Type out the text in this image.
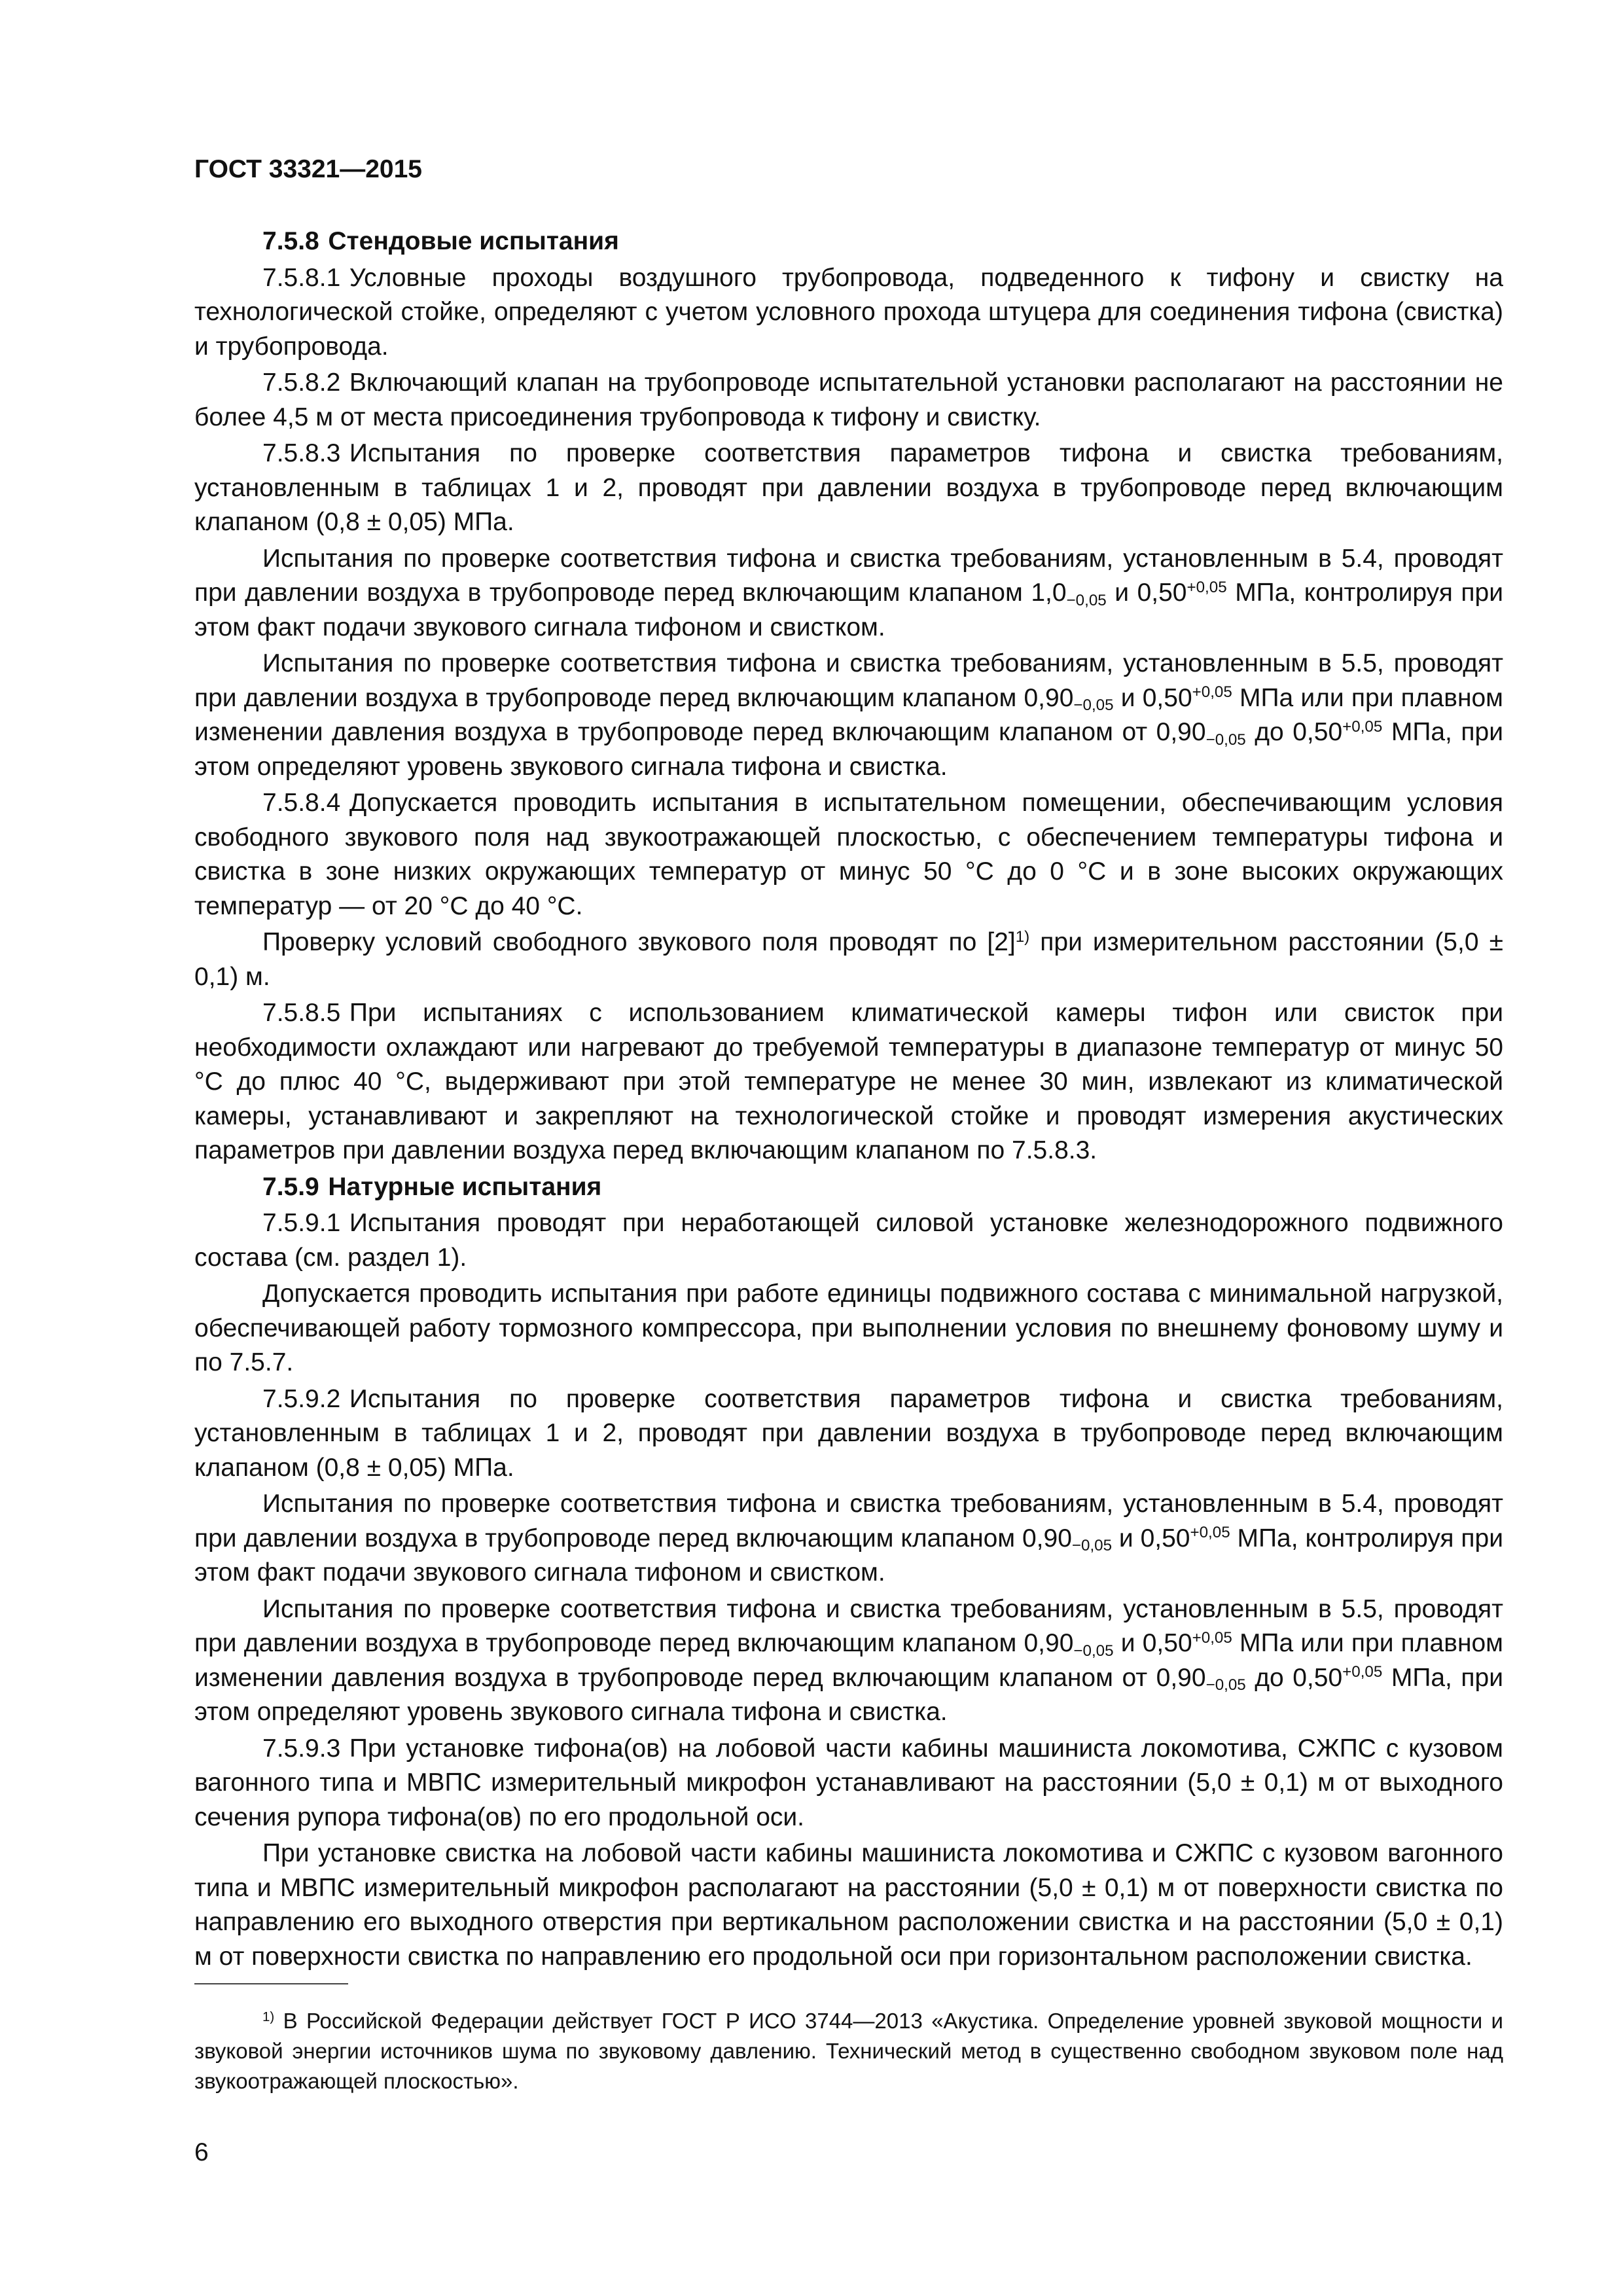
ГОСТ 33321—2015

7.5.8 Стендовые испытания

7.5.8.1 Условные проходы воздушного трубопровода, подведенного к тифону и свистку на технологической стойке, определяют с учетом условного прохода штуцера для соединения тифона (свистка) и трубопровода.

7.5.8.2 Включающий клапан на трубопроводе испытательной установки располагают на расстоянии не более 4,5 м от места присоединения трубопровода к тифону и свистку.

7.5.8.3 Испытания по проверке соответствия параметров тифона и свистка требованиям, установленным в таблицах 1 и 2, проводят при давлении воздуха в трубопроводе перед включающим клапаном (0,8 ± 0,05) МПа.

Испытания по проверке соответствия тифона и свистка требованиям, установленным в 5.4, проводят при давлении воздуха в трубопроводе перед включающим клапаном $1,0_{-0,05}$ и $0,50^{+0,05}$ МПа, контролируя при этом факт подачи звукового сигнала тифоном и свистком.

Испытания по проверке соответствия тифона и свистка требованиям, установленным в 5.5, проводят при давлении воздуха в трубопроводе перед включающим клапаном $0,90_{-0,05}$ и $0,50^{+0,05}$ МПа или при плавном изменении давления воздуха в трубопроводе перед включающим клапаном от $0,90_{-0,05}$ до $0,50^{+0,05}$ МПа, при этом определяют уровень звукового сигнала тифона и свистка.

7.5.8.4 Допускается проводить испытания в испытательном помещении, обеспечивающим условия свободного звукового поля над звукоотражающей плоскостью, с обеспечением температуры тифона и свистка в зоне низких окружающих температур от минус 50 °С до 0 °С и в зоне высоких окружающих температур — от 20 °С до 40 °С.

Проверку условий свободного звукового поля проводят по $[2]^{1)}$ при измерительном расстоянии (5,0 ± 0,1) м.

7.5.8.5 При испытаниях с использованием климатической камеры тифон или свисток при необходимости охлаждают или нагревают до требуемой температуры в диапазоне температур от минус 50 °С до плюс 40 °С, выдерживают при этой температуре не менее 30 мин, извлекают из климатической камеры, устанавливают и закрепляют на технологической стойке и проводят измерения акустических параметров при давлении воздуха перед включающим клапаном по 7.5.8.3.

7.5.9 Натурные испытания

7.5.9.1 Испытания проводят при неработающей силовой установке железнодорожного подвижного состава (см. раздел 1).

Допускается проводить испытания при работе единицы подвижного состава с минимальной нагрузкой, обеспечивающей работу тормозного компрессора, при выполнении условия по внешнему фоновому шуму и по 7.5.7.

7.5.9.2 Испытания по проверке соответствия параметров тифона и свистка требованиям, установленным в таблицах 1 и 2, проводят при давлении воздуха в трубопроводе перед включающим клапаном (0,8 ± 0,05) МПа.

Испытания по проверке соответствия тифона и свистка требованиям, установленным в 5.4, проводят при давлении воздуха в трубопроводе перед включающим клапаном $0,90_{-0,05}$ и $0,50^{+0,05}$ МПа, контролируя при этом факт подачи звукового сигнала тифоном и свистком.

Испытания по проверке соответствия тифона и свистка требованиям, установленным в 5.5, проводят при давлении воздуха в трубопроводе перед включающим клапаном $0,90_{-0,05}$ и $0,50^{+0,05}$ МПа или при плавном изменении давления воздуха в трубопроводе перед включающим клапаном от $0,90_{-0,05}$ до $0,50^{+0,05}$ МПа, при этом определяют уровень звукового сигнала тифона и свистка.

7.5.9.3 При установке тифона(ов) на лобовой части кабины машиниста локомотива, СЖПС с кузовом вагонного типа и МВПС измерительный микрофон устанавливают на расстоянии (5,0 ± 0,1) м от выходного сечения рупора тифона(ов) по его продольной оси.

При установке свистка на лобовой части кабины машиниста локомотива и СЖПС с кузовом вагонного типа и МВПС измерительный микрофон располагают на расстоянии (5,0 ± 0,1) м от поверхности свистка по направлению его выходного отверстия при вертикальном расположении свистка и на расстоянии (5,0 ± 0,1) м от поверхности свистка по направлению его продольной оси при горизонтальном расположении свистка.

$^{1)}$ В Российской Федерации действует ГОСТ Р ИСО 3744—2013 «Акустика. Определение уровней звуковой мощности и звуковой энергии источников шума по звуковому давлению. Технический метод в существенно свободном звуковом поле над звукоотражающей плоскостью».
6
